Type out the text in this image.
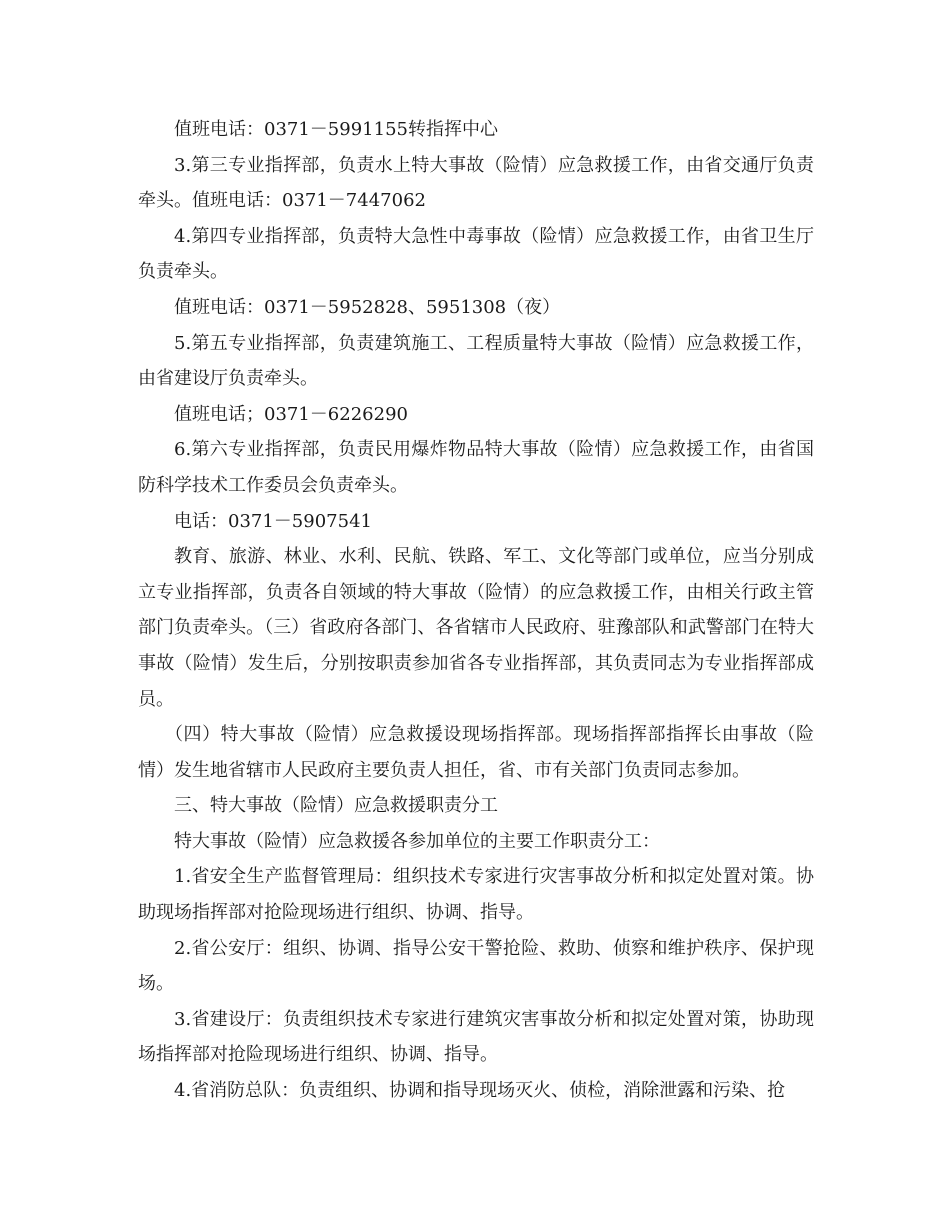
值班电话：0371－5991155转指挥中心

3.第三专业指挥部，负责水上特大事故（险情）应急救援工作，由省交通厅负责牵头。值班电话：0371－7447062

4.第四专业指挥部，负责特大急性中毒事故（险情）应急救援工作，由省卫生厅负责牵头。

值班电话：0371－5952828、5951308（夜）

5.第五专业指挥部，负责建筑施工、工程质量特大事故（险情）应急救援工作，由省建设厅负责牵头。

值班电话；0371－6226290

6.第六专业指挥部，负责民用爆炸物品特大事故（险情）应急救援工作，由省国防科学技术工作委员会负责牵头。

电话：0371－5907541

教育、旅游、林业、水利、民航、铁路、军工、文化等部门或单位，应当分别成立专业指挥部，负责各自领域的特大事故（险情）的应急救援工作，由相关行政主管部门负责牵头。（三）省政府各部门、各省辖市人民政府、驻豫部队和武警部门在特大事故（险情）发生后，分别按职责参加省各专业指挥部，其负责同志为专业指挥部成员。

（四）特大事故（险情）应急救援设现场指挥部。现场指挥部指挥长由事故（险情）发生地省辖市人民政府主要负责人担任，省、市有关部门负责同志参加。

三、特大事故（险情）应急救援职责分工

特大事故（险情）应急救援各参加单位的主要工作职责分工：

1.省安全生产监督管理局：组织技术专家进行灾害事故分析和拟定处置对策。协助现场指挥部对抢险现场进行组织、协调、指导。

2.省公安厅：组织、协调、指导公安干警抢险、救助、侦察和维护秩序、保护现场。

3.省建设厅：负责组织技术专家进行建筑灾害事故分析和拟定处置对策，协助现场指挥部对抢险现场进行组织、协调、指导。

4.省消防总队：负责组织、协调和指导现场灭火、侦检，消除泄露和污染、抢
